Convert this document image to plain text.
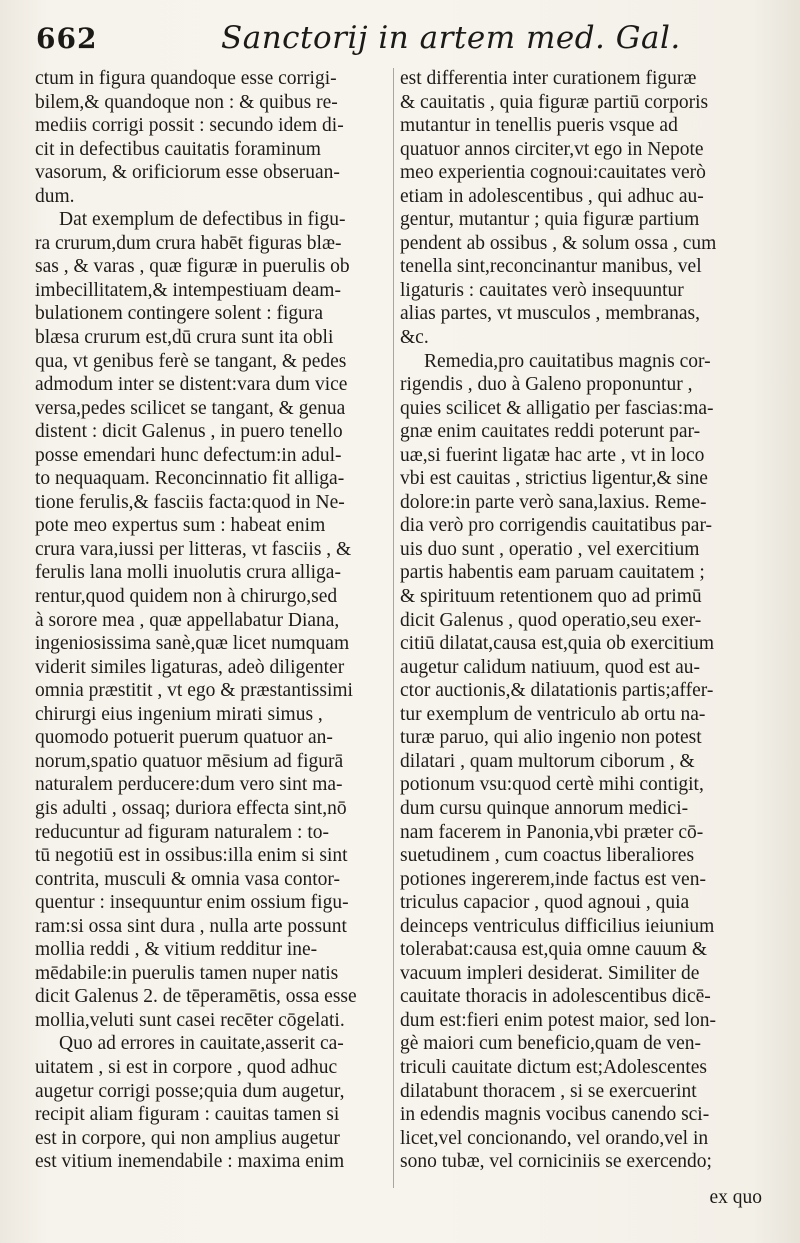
662	Sanctorij in artem med. Gal.
ctum in figura quandoque esse corrigi-
bilem,& quandoque non : & quibus re-
mediis corrigi possit : secundo idem di-
cit in defectibus cauitatis foraminum
vasorum, & orificiorum esse obseruan-
dum.
Dat exemplum de defectibus in figu-
ra crurum,dum crura habēt figuras blæ-
sas , & varas , quæ figuræ in puerulis ob
imbecillitatem,& intempestiuam deam-
bulationem contingere solent : figura
blæsa crurum est,dū crura sunt ita obli
qua, vt genibus ferè se tangant, & pedes
admodum inter se distent:vara dum vice
versa,pedes scilicet se tangant, & genua
distent : dicit Galenus , in puero tenello
posse emendari hunc defectum:in adul-
to nequaquam. Reconcinnatio fit alliga-
tione ferulis,& fasciis facta:quod in Ne-
pote meo expertus sum : habeat enim
crura vara,iussi per litteras, vt fasciis , &
ferulis lana molli inuolutis crura alliga-
rentur,quod quidem non à chirurgo,sed
à sorore mea , quæ appellabatur Diana,
ingeniosissima sanè,quæ licet numquam
viderit similes ligaturas, adeò diligenter
omnia præstitit , vt ego & præstantissimi
chirurgi eius ingenium mirati simus ,
quomodo potuerit puerum quatuor an-
norum,spatio quatuor mēsium ad figurā
naturalem perducere:dum vero sint ma-
gis adulti , ossaq; duriora effecta sint,nō
reducuntur ad figuram naturalem : to-
tū negotiū est in ossibus:illa enim si sint
contrita, musculi & omnia vasa contor-
quentur : insequuntur enim ossium figu-
ram:si ossa sint dura , nulla arte possunt
mollia reddi , & vitium redditur ine-
mēdabile:in puerulis tamen nuper natis
dicit Galenus 2. de tēperamētis, ossa esse
mollia,veluti sunt casei recēter cōgelati.
Quo ad errores in cauitate,asserit ca-
uitatem , si est in corpore , quod adhuc
augetur corrigi posse;quia dum augetur,
recipit aliam figuram : cauitas tamen si
est in corpore, qui non amplius augetur
est vitium inemendabile : maxima enim
est differentia inter curationem figuræ
& cauitatis , quia figuræ partiū corporis
mutantur in tenellis pueris vsque ad
quatuor annos circiter,vt ego in Nepote
meo experientia cognoui:cauitates verò
etiam in adolescentibus , qui adhuc au-
gentur, mutantur ; quia figuræ partium
pendent ab ossibus , & solum ossa , cum
tenella sint,reconcinantur manibus, vel
ligaturis : cauitates verò insequuntur
alias partes, vt musculos , membranas,
&c.
Remedia,pro cauitatibus magnis cor-
rigendis , duo à Galeno proponuntur ,
quies scilicet & alligatio per fascias:ma-
gnæ enim cauitates reddi poterunt par-
uæ,si fuerint ligatæ hac arte , vt in loco
vbi est cauitas , strictius ligentur,& sine
dolore:in parte verò sana,laxius. Reme-
dia verò pro corrigendis cauitatibus par-
uis duo sunt , operatio , vel exercitium
partis habentis eam paruam cauitatem ;
& spirituum retentionem quo ad primū
dicit Galenus , quod operatio,seu exer-
citiū dilatat,causa est,quia ob exercitium
augetur calidum natiuum, quod est au-
ctor auctionis,& dilatationis partis;affer-
tur exemplum de ventriculo ab ortu na-
turæ paruo, qui alio ingenio non potest
dilatari , quam multorum ciborum , &
potionum vsu:quod certè mihi contigit,
dum cursu quinque annorum medici-
nam facerem in Panonia,vbi præter cō-
suetudinem , cum coactus liberaliores
potiones ingererem,inde factus est ven-
triculus capacior , quod agnoui , quia
deinceps ventriculus difficilius ieiunium
tolerabat:causa est,quia omne cauum &
vacuum impleri desiderat. Similiter de
cauitate thoracis in adolescentibus dicē-
dum est:fieri enim potest maior, sed lon-
gè maiori cum beneficio,quam de ven-
triculi cauitate dictum est;Adolescentes
dilatabunt thoracem , si se exercuerint
in edendis magnis vocibus canendo sci-
licet,vel concionando, vel orando,vel in
sono tubæ, vel corniciniis se exercendo;
ex quo
